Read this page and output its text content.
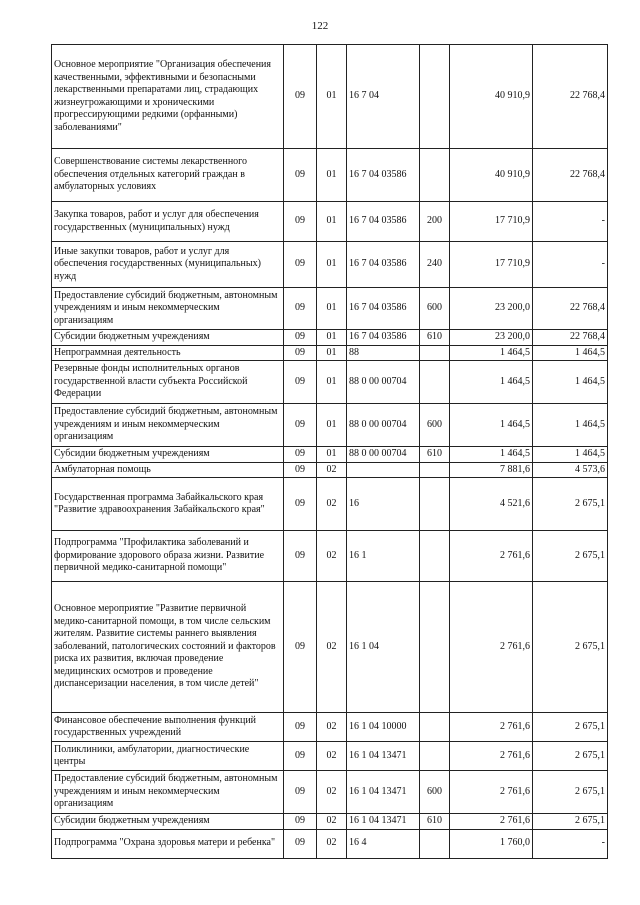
122
Основное мероприятие "Организация обеспечения качественными, эффективными и безопасными лекарственными препаратами лиц, страдающих жизнеугрожающими и хроническими прогрессирующими редкими (орфанными) заболеваниями"	09	01	16 7 04		40 910,9	22 768,4
Совершенствование системы лекарственного обеспечения отдельных категорий граждан в амбулаторных условиях	09	01	16 7 04 03586		40 910,9	22 768,4
Закупка товаров, работ и услуг для обеспечения государственных (муниципальных) нужд	09	01	16 7 04 03586	200	17 710,9	-
Иные закупки товаров, работ и услуг для обеспечения государственных (муниципальных) нужд	09	01	16 7 04 03586	240	17 710,9	-
Предоставление субсидий бюджетным, автономным учреждениям и иным некоммерческим организациям	09	01	16 7 04 03586	600	23 200,0	22 768,4
Субсидии бюджетным учреждениям	09	01	16 7 04 03586	610	23 200,0	22 768,4
Непрограммная деятельность	09	01	88		1 464,5	1 464,5
Резервные фонды исполнительных органов государственной власти субъекта Российской Федерации	09	01	88 0 00 00704		1 464,5	1 464,5
Предоставление субсидий бюджетным, автономным учреждениям и иным некоммерческим организациям	09	01	88 0 00 00704	600	1 464,5	1 464,5
Субсидии бюджетным учреждениям	09	01	88 0 00 00704	610	1 464,5	1 464,5
Амбулаторная помощь	09	02			7 881,6	4 573,6
Государственная программа Забайкальского края "Развитие здравоохранения Забайкальского края"	09	02	16		4 521,6	2 675,1
Подпрограмма "Профилактика заболеваний и формирование здорового образа жизни. Развитие первичной медико-санитарной помощи"	09	02	16 1		2 761,6	2 675,1
Основное мероприятие "Развитие первичной медико-санитарной помощи, в том числе сельским жителям. Развитие системы раннего выявления заболеваний, патологических состояний и факторов риска их развития, включая проведение медицинских осмотров и проведение диспансеризации населения, в том числе детей"	09	02	16 1 04		2 761,6	2 675,1
Финансовое обеспечение выполнения функций государственных учреждений	09	02	16 1 04 10000		2 761,6	2 675,1
Поликлиники, амбулатории, диагностические центры	09	02	16 1 04 13471		2 761,6	2 675,1
Предоставление субсидий бюджетным, автономным учреждениям и иным некоммерческим организациям	09	02	16 1 04 13471	600	2 761,6	2 675,1
Субсидии бюджетным учреждениям	09	02	16 1 04 13471	610	2 761,6	2 675,1
Подпрограмма "Охрана здоровья матери и ребенка"	09	02	16 4		1 760,0	-
